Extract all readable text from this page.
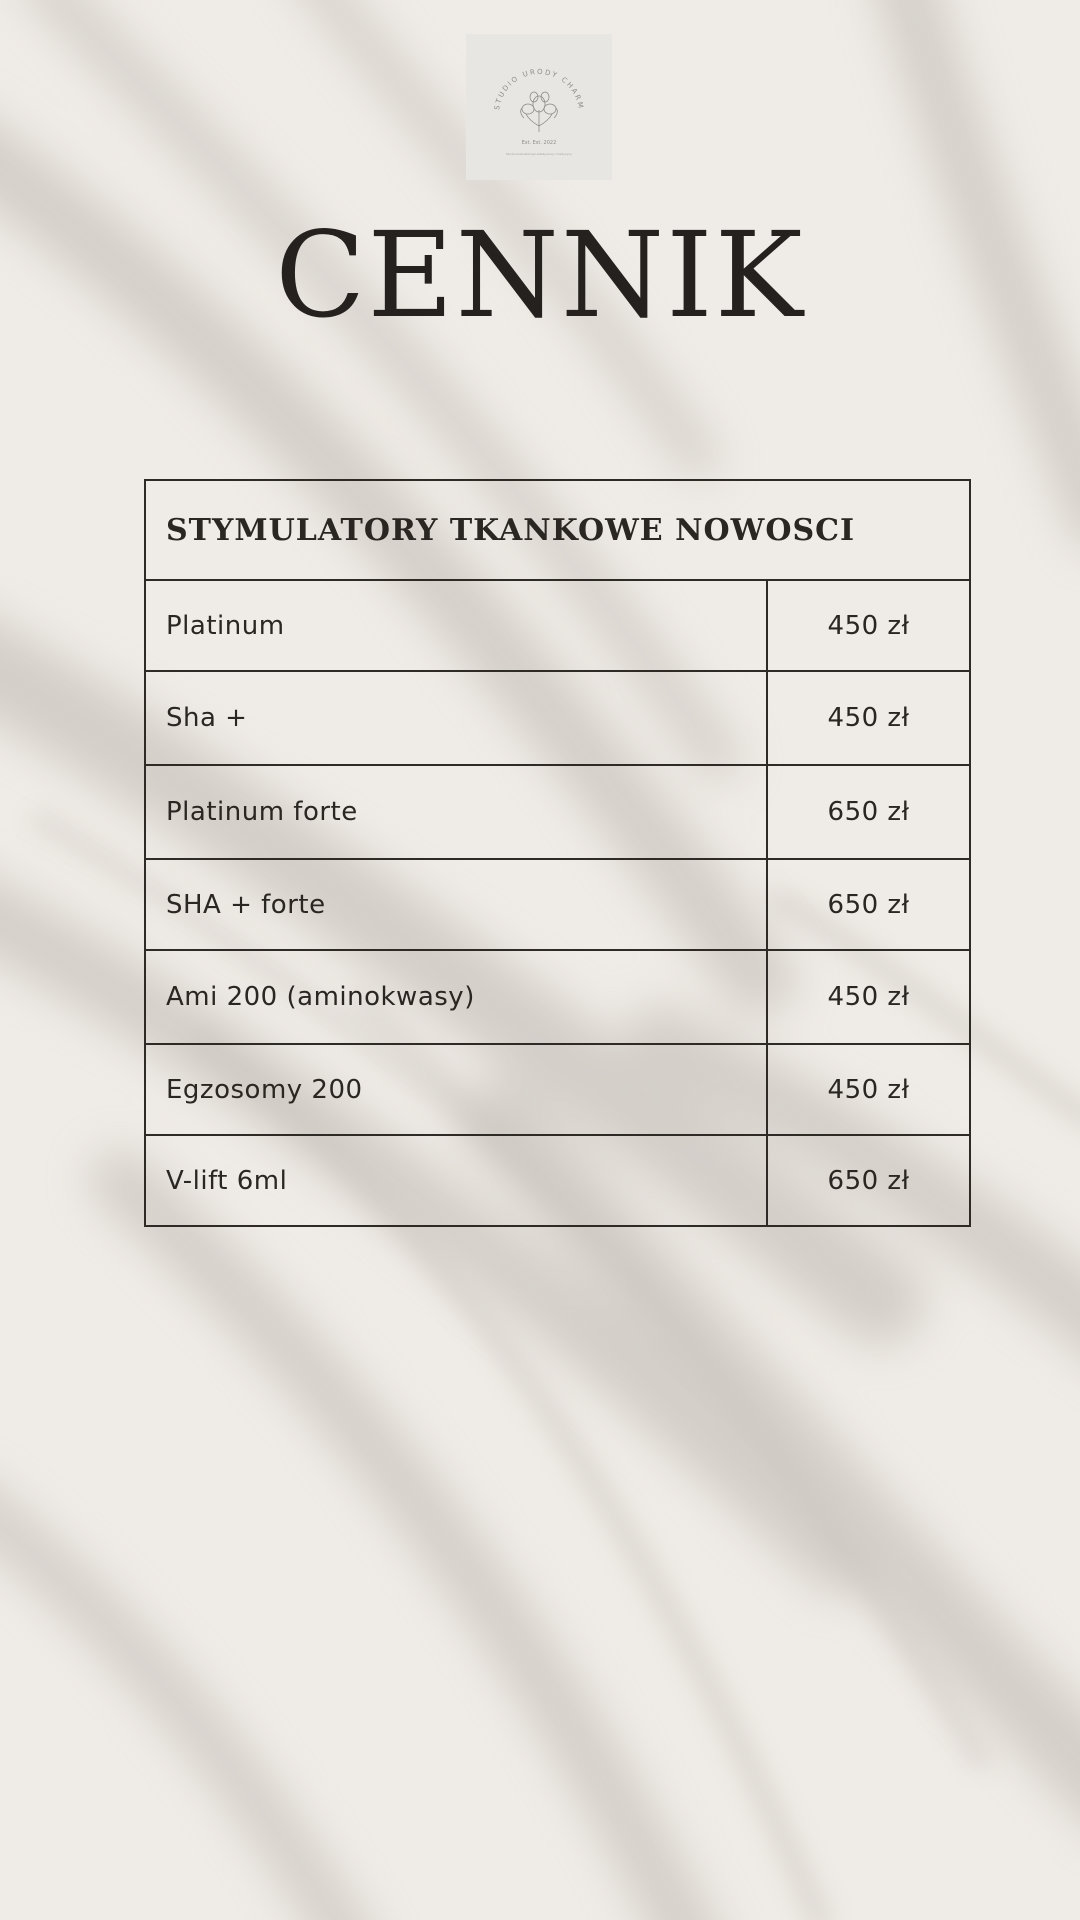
STUDIO URODY CHARM
Est. Est. 2022
Studio kosmetologii estetycznej i medycyny
CENNIK
STYMULATORY TKANKOWE NOWOSCI	
Platinum	450 zł
Sha +	450 zł
Platinum forte	650 zł
SHA + forte	650 zł
Ami 200 (aminokwasy)	450 zł
Egzosomy 200	450 zł
V-lift 6ml	650 zł
